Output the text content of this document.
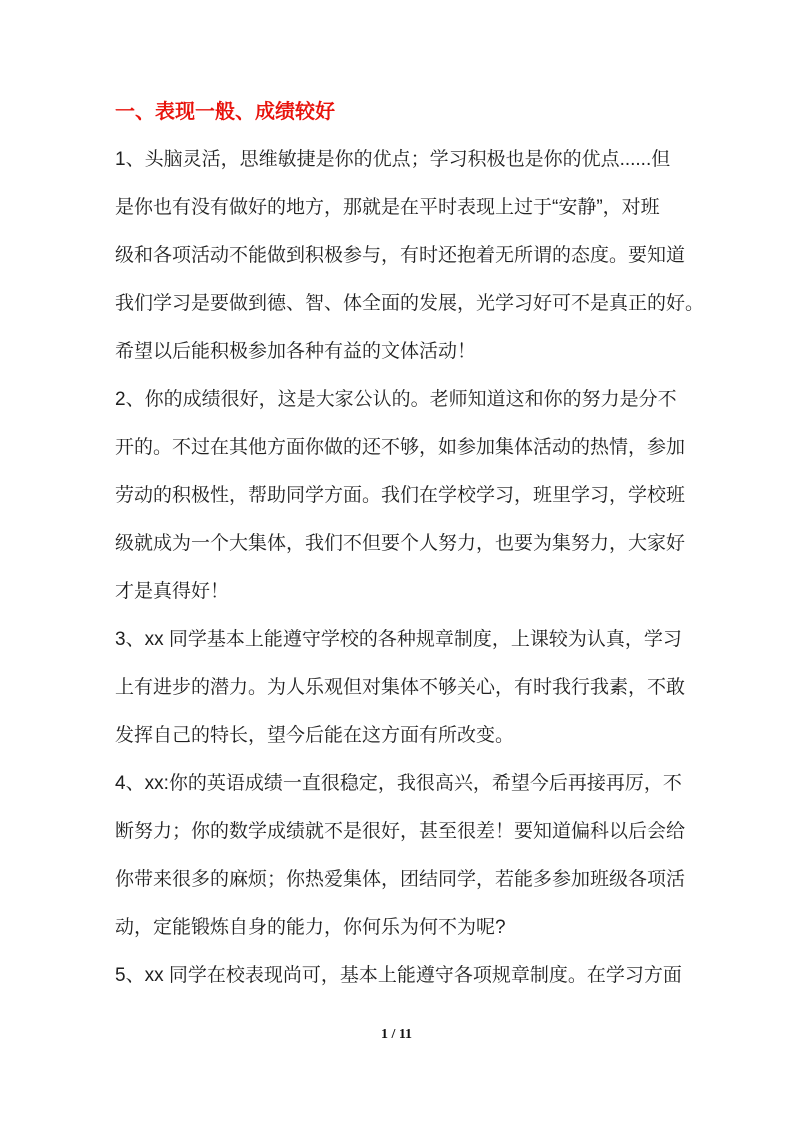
一、表现一般、成绩较好
1、头脑灵活，思维敏捷是你的优点；学习积极也是你的优点......但
是你也有没有做好的地方，那就是在平时表现上过于“安静”，对班
级和各项活动不能做到积极参与，有时还抱着无所谓的态度。要知道
我们学习是要做到德、智、体全面的发展，光学习好可不是真正的好。
希望以后能积极参加各种有益的文体活动！
2、你的成绩很好，这是大家公认的。老师知道这和你的努力是分不
开的。不过在其他方面你做的还不够，如参加集体活动的热情，参加
劳动的积极性，帮助同学方面。我们在学校学习，班里学习，学校班
级就成为一个大集体，我们不但要个人努力，也要为集努力，大家好
才是真得好！
3、xx 同学基本上能遵守学校的各种规章制度，上课较为认真，学习
上有进步的潜力。为人乐观但对集体不够关心，有时我行我素，不敢
发挥自己的特长，望今后能在这方面有所改变。
4、xx:你的英语成绩一直很稳定，我很高兴，希望今后再接再厉，不
断努力；你的数学成绩就不是很好，甚至很差！要知道偏科以后会给
你带来很多的麻烦；你热爱集体，团结同学，若能多参加班级各项活
动，定能锻炼自身的能力，你何乐为何不为呢?
5、xx 同学在校表现尚可，基本上能遵守各项规章制度。在学习方面
1 / 11
